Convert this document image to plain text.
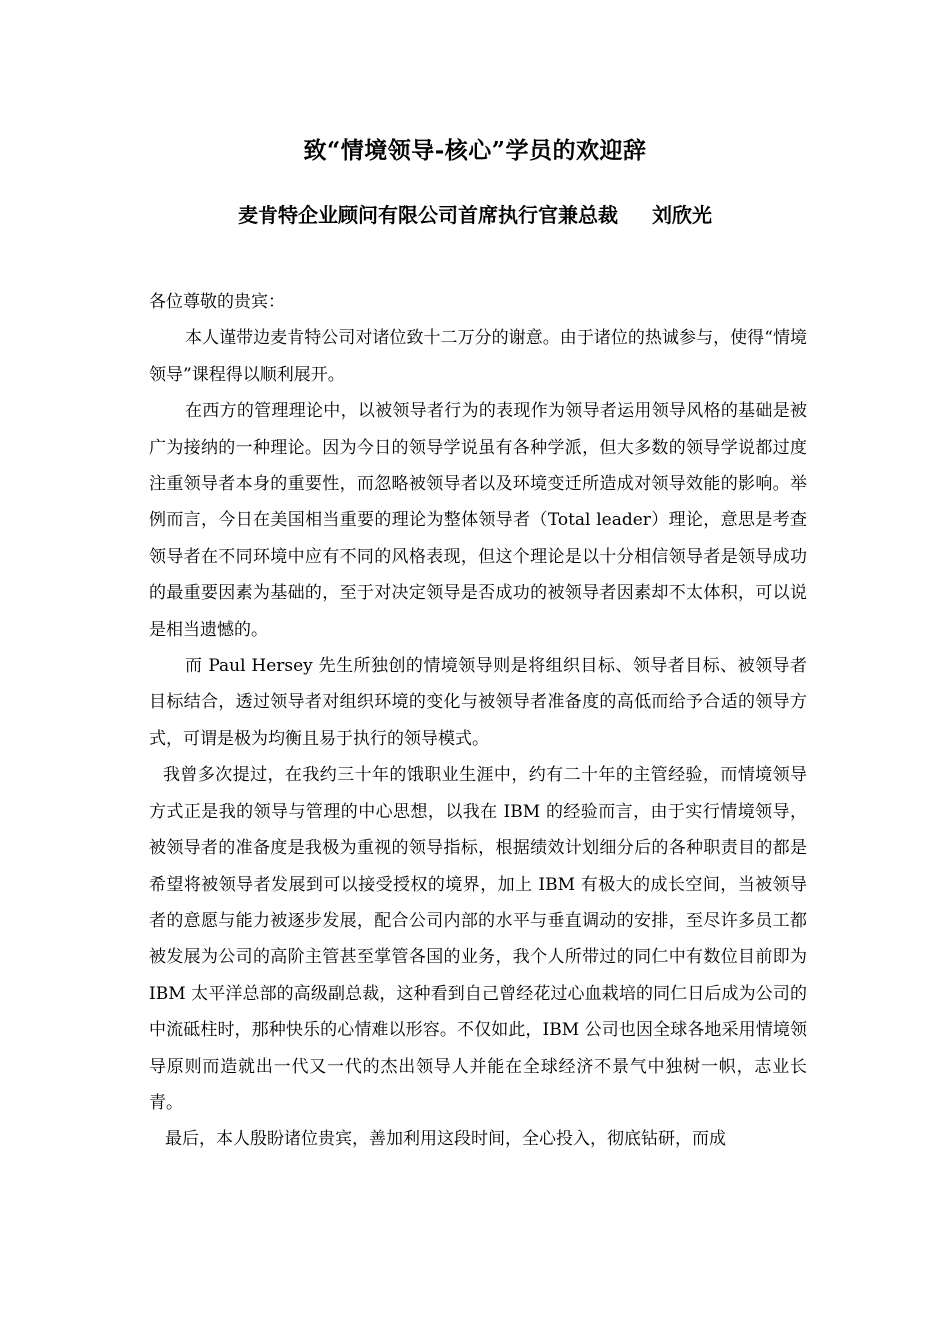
致“情境领导-核心”学员的欢迎辞
麦肯特企业顾问有限公司首席执行官兼总裁 刘欣光

各位尊敬的贵宾：

本人谨带边麦肯特公司对诸位致十二万分的谢意。由于诸位的热诚参与，使得“情境领导”课程得以顺利展开。

在西方的管理理论中，以被领导者行为的表现作为领导者运用领导风格的基础是被广为接纳的一种理论。因为今日的领导学说虽有各种学派，但大多数的领导学说都过度注重领导者本身的重要性，而忽略被领导者以及环境变迁所造成对领导效能的影响。举例而言，今日在美国相当重要的理论为整体领导者（Total leader）理论，意思是考查领导者在不同环境中应有不同的风格表现，但这个理论是以十分相信领导者是领导成功的最重要因素为基础的，至于对决定领导是否成功的被领导者因素却不太体积，可以说是相当遗憾的。

而 Paul Hersey 先生所独创的情境领导则是将组织目标、领导者目标、被领导者目标结合，透过领导者对组织环境的变化与被领导者准备度的高低而给予合适的领导方式，可谓是极为均衡且易于执行的领导模式。

我曾多次提过，在我约三十年的饿职业生涯中，约有二十年的主管经验，而情境领导方式正是我的领导与管理的中心思想，以我在 IBM 的经验而言，由于实行情境领导，被领导者的准备度是我极为重视的领导指标，根据绩效计划细分后的各种职责目的都是希望将被领导者发展到可以接受授权的境界，加上 IBM 有极大的成长空间，当被领导者的意愿与能力被逐步发展，配合公司内部的水平与垂直调动的安排，至尽许多员工都被发展为公司的高阶主管甚至掌管各国的业务，我个人所带过的同仁中有数位目前即为 IBM 太平洋总部的高级副总裁，这种看到自己曾经花过心血栽培的同仁日后成为公司的中流砥柱时，那种快乐的心情难以形容。不仅如此，IBM 公司也因全球各地采用情境领导原则而造就出一代又一代的杰出领导人并能在全球经济不景气中独树一帜，志业长青。

最后，本人殷盼诸位贵宾，善加利用这段时间，全心投入，彻底钻研，而成
